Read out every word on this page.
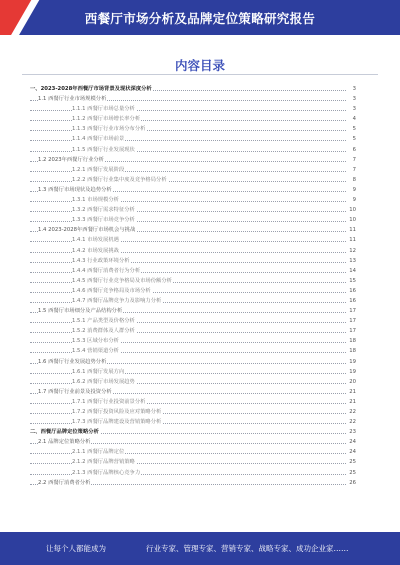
西餐厅市场分析及品牌定位策略研究报告
内容目录
一、2023-2028年西餐厅市场背景及现状深度分析	3
1.1 西餐厅行业市场规模分析	3
1.1.1 西餐厅市场总量分析	3
1.1.2 西餐厅市场增长率分析	4
1.1.3 西餐厅行业市场分布分析	5
1.1.4 西餐厅市场前景	5
1.1.5 西餐厅行业发展现状	6
1.2 2023年西餐厅行业分析	7
1.2.1 西餐厅发展阶段	7
1.2.2 西餐厅行业集中度及竞争格局分析	8
1.3 西餐厅市场现状及趋势分析	9
1.3.1 市场规模分析	9
1.3.2 西餐厅需求特征分析	10
1.3.3 西餐厅市场竞争分析	10
1.4 2023-2028年西餐厅市场机会与挑战	11
1.4.1 市场发展机遇	11
1.4.2 市场发展挑战	12
1.4.3 行业政策环境分析	13
1.4.4 西餐厅消费者行为分析	14
1.4.5 西餐厅行业竞争格局及市场份额分析	15
1.4.6 西餐厅竞争格局及市场分析	16
1.4.7 西餐厅品牌竞争力及影响力分析	16
1.5 西餐厅市场细分及产品结构分析	17
1.5.1 产品类型及价格分析	17
1.5.2 消费群体及人群分析	17
1.5.3 区域分布分析	18
1.5.4 营销渠道分析	18
1.6 西餐厅行业发展趋势分析	19
1.6.1 西餐厅发展方向	19
1.6.2 西餐厅市场发展趋势	20
1.7 西餐厅行业前景及投资分析	21
1.7.1 西餐厅行业投资前景分析	21
1.7.2 西餐厅投资风险及应对策略分析	22
1.7.3 西餐厅品牌建设及营销策略分析	22
二、西餐厅品牌定位策略分析	23
2.1 品牌定位策略分析	24
2.1.1 西餐厅品牌定位	24
2.1.2 西餐厅品牌营销策略	25
2.1.3 西餐厅品牌核心竞争力	25
2.2 西餐厅消费者分析	26
让每个人都能成为	行业专家、管理专家、营销专家、战略专家、成功企业家……
